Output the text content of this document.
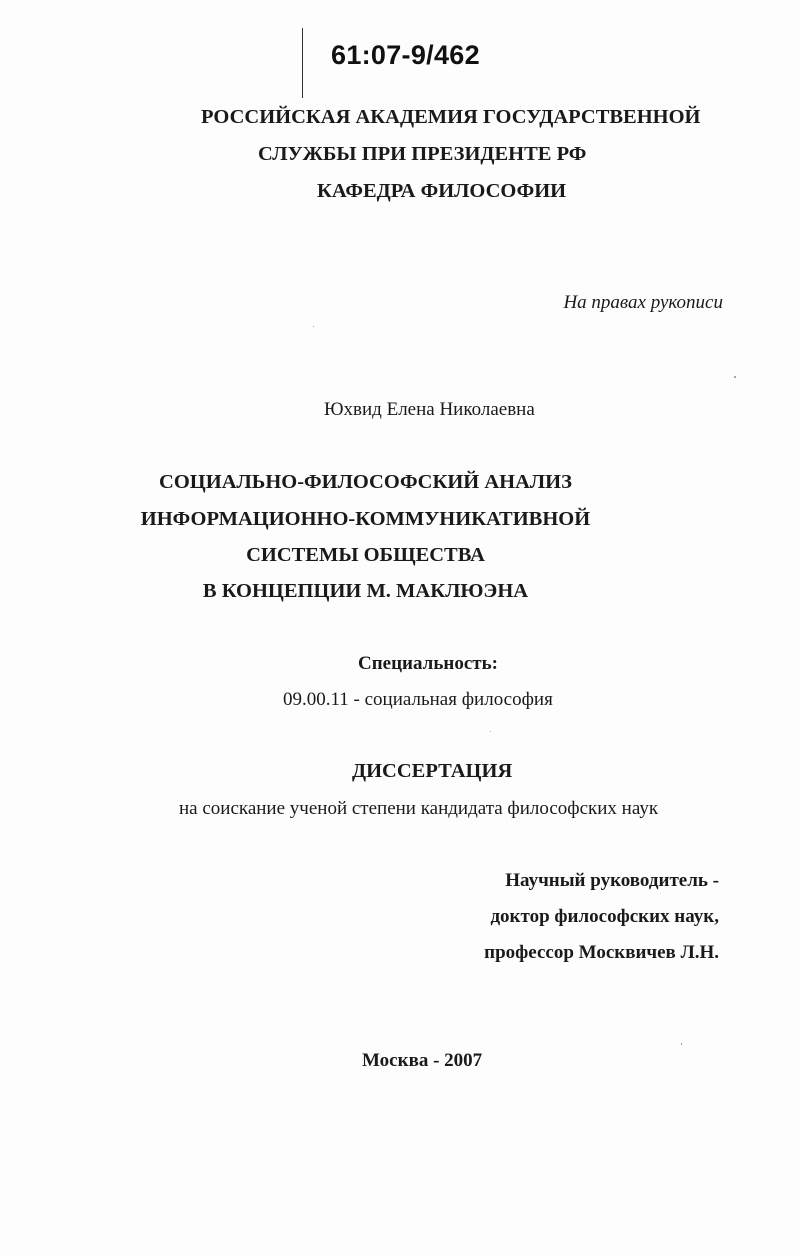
61:07-9/462
РОССИЙСКАЯ АКАДЕМИЯ ГОСУДАРСТВЕННОЙ
СЛУЖБЫ ПРИ ПРЕЗИДЕНТЕ РФ
КАФЕДРА ФИЛОСОФИИ
На правах рукописи
Юхвид Елена Николаевна
СОЦИАЛЬНО-ФИЛОСОФСКИЙ АНАЛИЗ
ИНФОРМАЦИОННО-КОММУНИКАТИВНОЙ
СИСТЕМЫ ОБЩЕСТВА
В КОНЦЕПЦИИ М. МАКЛЮЭНА
Специальность:
09.00.11 - социальная философия
ДИССЕРТАЦИЯ
на соискание ученой степени кандидата философских наук
Научный руководитель -
доктор философских наук,
профессор Москвичев Л.Н.
Москва - 2007
